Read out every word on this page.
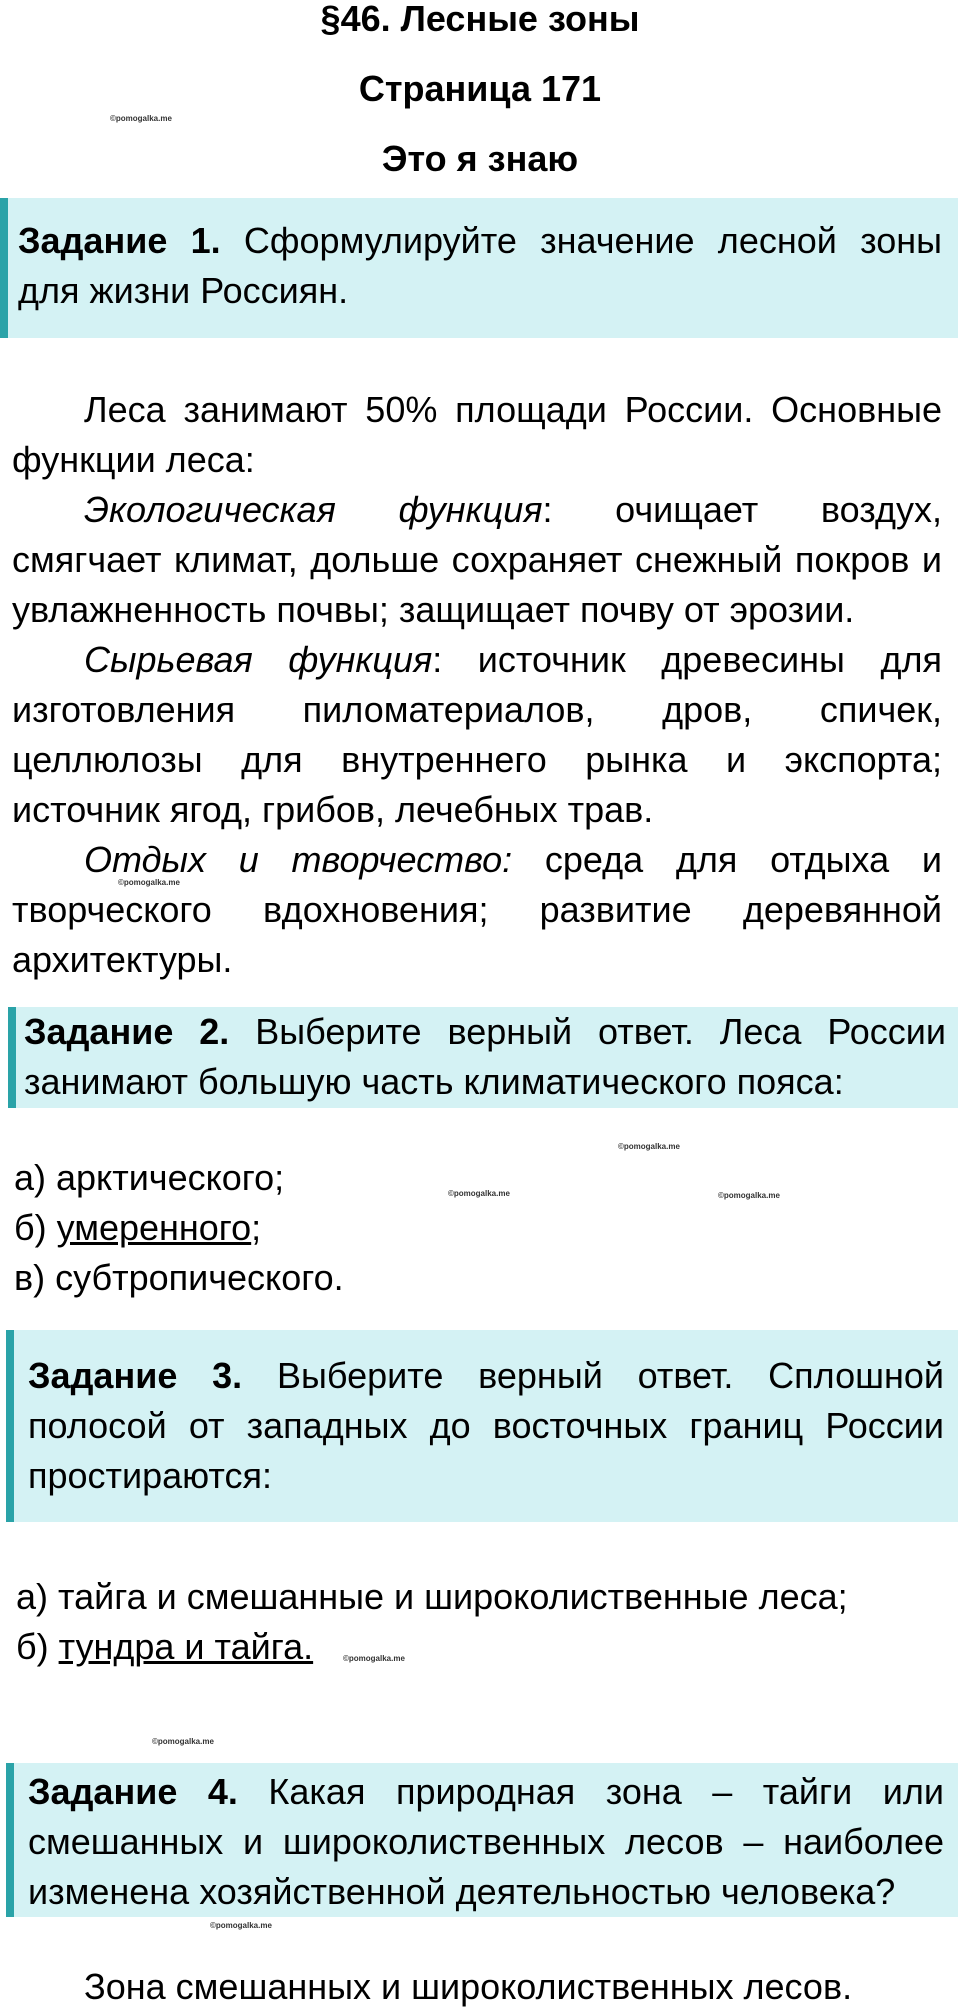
§46. Лесные зоны
Страница 171
Это я знаю

Задание 1. Сформулируйте значение лесной зоны для жизни Россиян.

Леса занимают 50% площади России. Основные функции леса:

Экологическая функция: очищает воздух, смягчает климат, дольше сохраняет снежный покров и увлажненность почвы; защищает почву от эрозии.

Сырьевая функция: источник древесины для изготовления пиломатериалов, дров, спичек, целлюлозы для внутреннего рынка и экспорта; источник ягод, грибов, лечебных трав.

Отдых и творчество: среда для отдыха и творческого вдохновения; развитие деревянной архитектуры.

Задание 2. Выберите верный ответ. Леса России занимают большую часть климатического пояса:

а) арктического;
б) умеренного;
в) субтропического.

Задание 3. Выберите верный ответ. Сплошной полосой от западных до восточных границ России простираются:

а) тайга и смешанные и широколиственные леса;
б) тундра и тайга.

Задание 4. Какая природная зона – тайги или смешанных и широколиственных лесов – наиболее изменена хозяйственной деятельностью человека?

Зона смешанных и широколиственных лесов.

©pomogalka.me
©pomogalka.me
©pomogalka.me
©pomogalka.me	©pomogalka.me
©pomogalka.me
©pomogalka.me
©pomogalka.me
